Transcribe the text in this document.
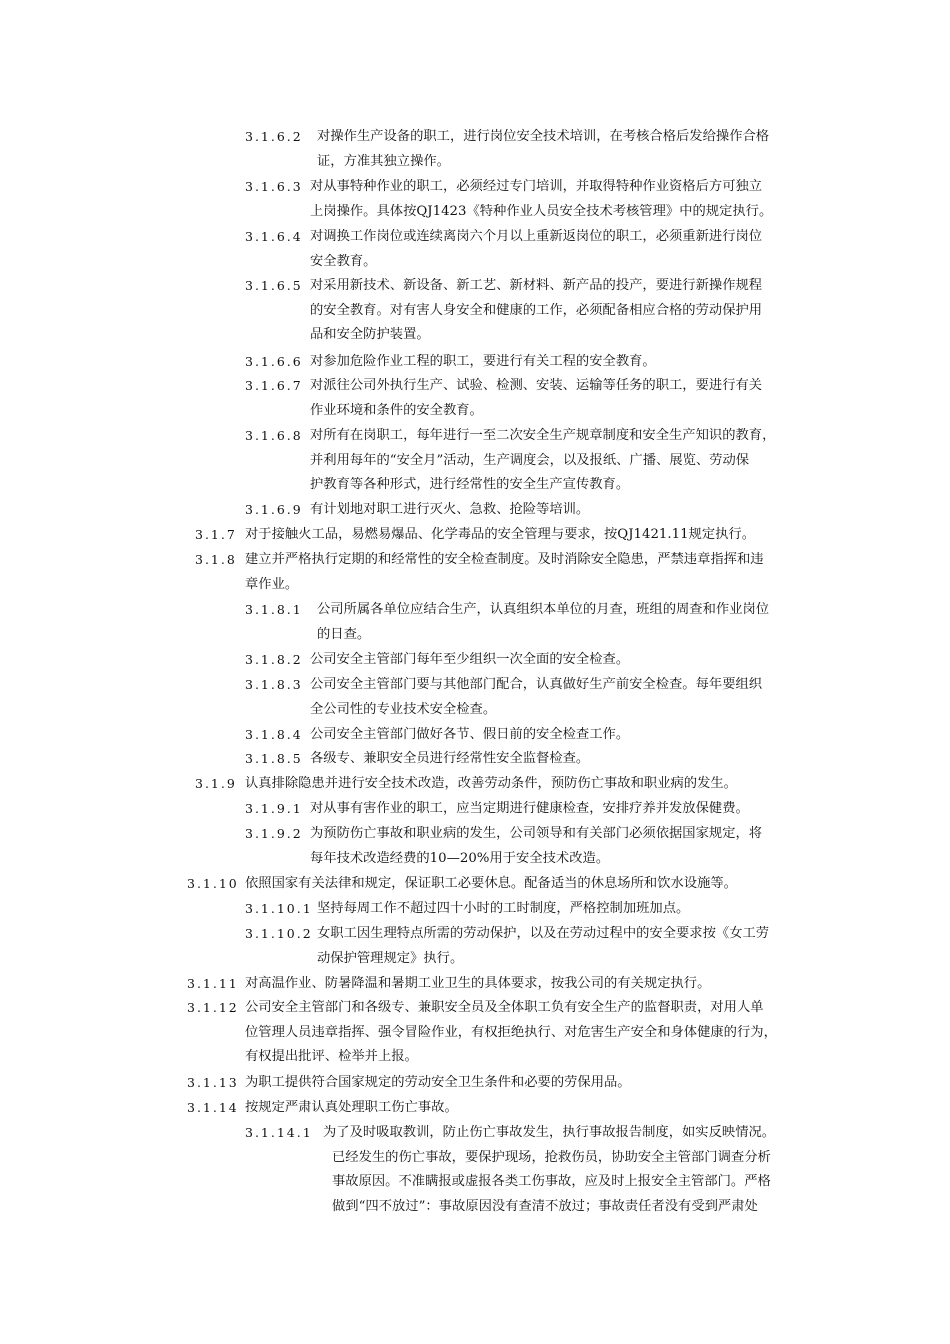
3.1.6.2 对操作生产设备的职工，进行岗位安全技术培训，在考核合格后发给操作合格
证，方准其独立操作。
3.1.6.3 对从事特种作业的职工，必须经过专门培训，并取得特种作业资格后方可独立
上岗操作。具体按QJ1423《特种作业人员安全技术考核管理》中的规定执行。
3.1.6.4 对调换工作岗位或连续离岗六个月以上重新返岗位的职工，必须重新进行岗位
安全教育。
3.1.6.5 对采用新技术、新设备、新工艺、新材料、新产品的投产，要进行新操作规程
的安全教育。对有害人身安全和健康的工作，必须配备相应合格的劳动保护用
品和安全防护装置。
3.1.6.6 对参加危险作业工程的职工，要进行有关工程的安全教育。
3.1.6.7 对派往公司外执行生产、试验、检测、安装、运输等任务的职工，要进行有关
作业环境和条件的安全教育。
3.1.6.8 对所有在岗职工，每年进行一至二次安全生产规章制度和安全生产知识的教育，
并利用每年的“安全月”活动，生产调度会，以及报纸、广播、展览、劳动保
护教育等各种形式，进行经常性的安全生产宣传教育。
3.1.6.9 有计划地对职工进行灭火、急救、抢险等培训。
3.1.7 对于接触火工品，易燃易爆品、化学毒品的安全管理与要求，按QJ1421.11规定执行。
3.1.8 建立并严格执行定期的和经常性的安全检查制度。及时消除安全隐患，严禁违章指挥和违
章作业。
3.1.8.1 公司所属各单位应结合生产，认真组织本单位的月查，班组的周查和作业岗位
的日查。
3.1.8.2 公司安全主管部门每年至少组织一次全面的安全检查。
3.1.8.3 公司安全主管部门要与其他部门配合，认真做好生产前安全检查。每年要组织
全公司性的专业技术安全检查。
3.1.8.4 公司安全主管部门做好各节、假日前的安全检查工作。
3.1.8.5 各级专、兼职安全员进行经常性安全监督检查。
3.1.9 认真排除隐患并进行安全技术改造，改善劳动条件，预防伤亡事故和职业病的发生。
3.1.9.1 对从事有害作业的职工，应当定期进行健康检查，安排疗养并发放保健费。
3.1.9.2 为预防伤亡事故和职业病的发生，公司领导和有关部门必须依据国家规定，将
每年技术改造经费的10—20%用于安全技术改造。
3.1.10 依照国家有关法律和规定，保证职工必要休息。配备适当的休息场所和饮水设施等。
3.1.10.1 坚持每周工作不超过四十小时的工时制度，严格控制加班加点。
3.1.10.2 女职工因生理特点所需的劳动保护，以及在劳动过程中的安全要求按《女工劳
动保护管理规定》执行。
3.1.11 对高温作业、防暑降温和暑期工业卫生的具体要求，按我公司的有关规定执行。
3.1.12 公司安全主管部门和各级专、兼职安全员及全体职工负有安全生产的监督职责，对用人单
位管理人员违章指挥、强令冒险作业，有权拒绝执行、对危害生产安全和身体健康的行为，
有权提出批评、检举并上报。
3.1.13 为职工提供符合国家规定的劳动安全卫生条件和必要的劳保用品。
3.1.14 按规定严肃认真处理职工伤亡事故。
3.1.14.1 为了及时吸取教训，防止伤亡事故发生，执行事故报告制度，如实反映情况。
已经发生的伤亡事故，要保护现场，抢救伤员，协助安全主管部门调查分析
事故原因。不准瞒报或虚报各类工伤事故，应及时上报安全主管部门。严格
做到“四不放过”：事故原因没有查清不放过；事故责任者没有受到严肃处
